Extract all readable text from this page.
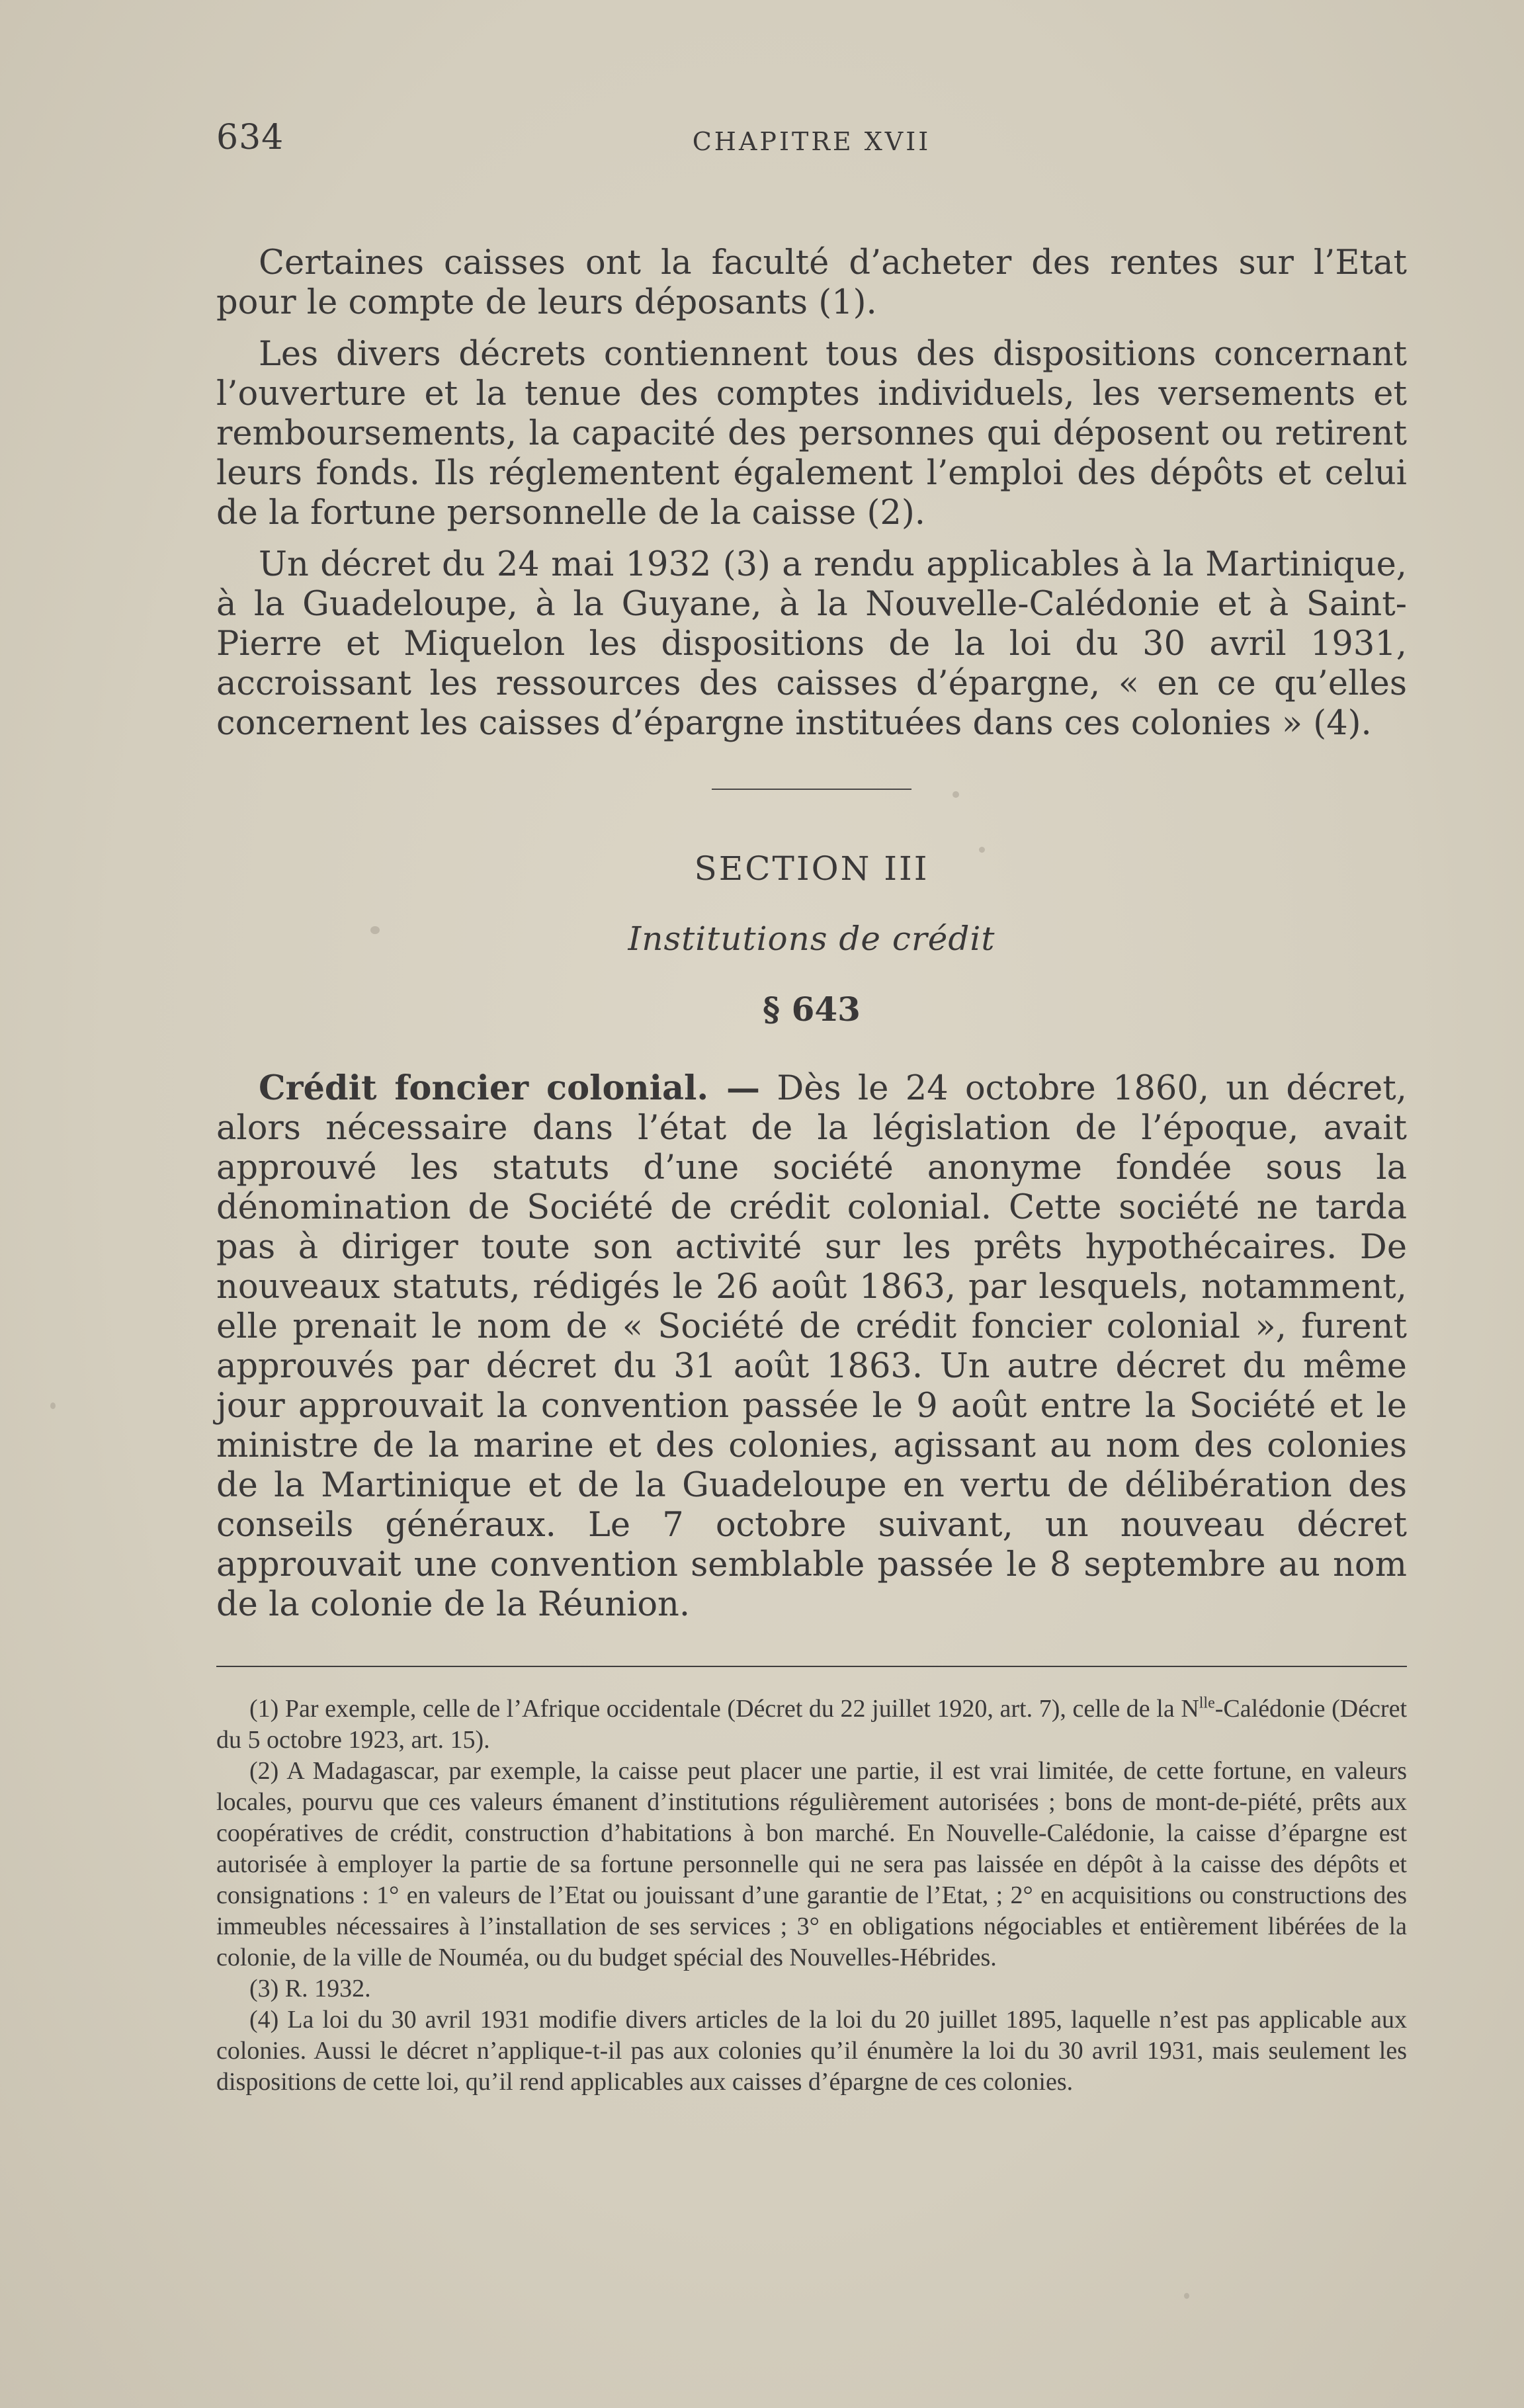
634	CHAPITRE XVII

Certaines caisses ont la faculté d’acheter des rentes sur l’Etat pour le compte de leurs déposants (1).

Les divers décrets contiennent tous des dispositions concernant l’ouverture et la tenue des comptes individuels, les versements et remboursements, la capacité des personnes qui déposent ou retirent leurs fonds. Ils réglementent également l’emploi des dépôts et celui de la fortune personnelle de la caisse (2).

Un décret du 24 mai 1932 (3) a rendu applicables à la Martinique, à la Guadeloupe, à la Guyane, à la Nouvelle-Calédonie et à Saint-Pierre et Miquelon les dispositions de la loi du 30 avril 1931, accroissant les ressources des caisses d’épargne, « en ce qu’elles concernent les caisses d’épargne instituées dans ces colonies » (4).

SECTION III
Institutions de crédit
§ 643

Crédit foncier colonial. — Dès le 24 octobre 1860, un décret, alors nécessaire dans l’état de la législation de l’époque, avait approuvé les statuts d’une société anonyme fondée sous la dénomination de Société de crédit colonial. Cette société ne tarda pas à diriger toute son activité sur les prêts hypothécaires. De nouveaux statuts, rédigés le 26 août 1863, par lesquels, notamment, elle prenait le nom de « Société de crédit foncier colonial », furent approuvés par décret du 31 août 1863. Un autre décret du même jour approuvait la convention passée le 9 août entre la Société et le ministre de la marine et des colonies, agissant au nom des colonies de la Martinique et de la Guadeloupe en vertu de délibération des conseils généraux. Le 7 octobre suivant, un nouveau décret approuvait une convention semblable passée le 8 septembre au nom de la colonie de la Réunion.

(1) Par exemple, celle de l’Afrique occidentale (Décret du 22 juillet 1920, art. 7), celle de la $N^{lle}$-Calédonie (Décret du 5 octobre 1923, art. 15).

(2) A Madagascar, par exemple, la caisse peut placer une partie, il est vrai limitée, de cette fortune, en valeurs locales, pourvu que ces valeurs émanent d’institutions régulièrement autorisées ; bons de mont-de-piété, prêts aux coopératives de crédit, construction d’habitations à bon marché. En Nouvelle-Calédonie, la caisse d’épargne est autorisée à employer la partie de sa fortune personnelle qui ne sera pas laissée en dépôt à la caisse des dépôts et consignations : 1° en valeurs de l’Etat ou jouissant d’une garantie de l’Etat, ; 2° en acquisitions ou constructions des immeubles nécessaires à l’installation de ses services ; 3° en obligations négociables et entièrement libérées de la colonie, de la ville de Nouméa, ou du budget spécial des Nouvelles-Hébrides.

(3) R. 1932.

(4) La loi du 30 avril 1931 modifie divers articles de la loi du 20 juillet 1895, laquelle n’est pas applicable aux colonies. Aussi le décret n’applique-t-il pas aux colonies qu’il énumère la loi du 30 avril 1931, mais seulement les dispositions de cette loi, qu’il rend applicables aux caisses d’épargne de ces colonies.
